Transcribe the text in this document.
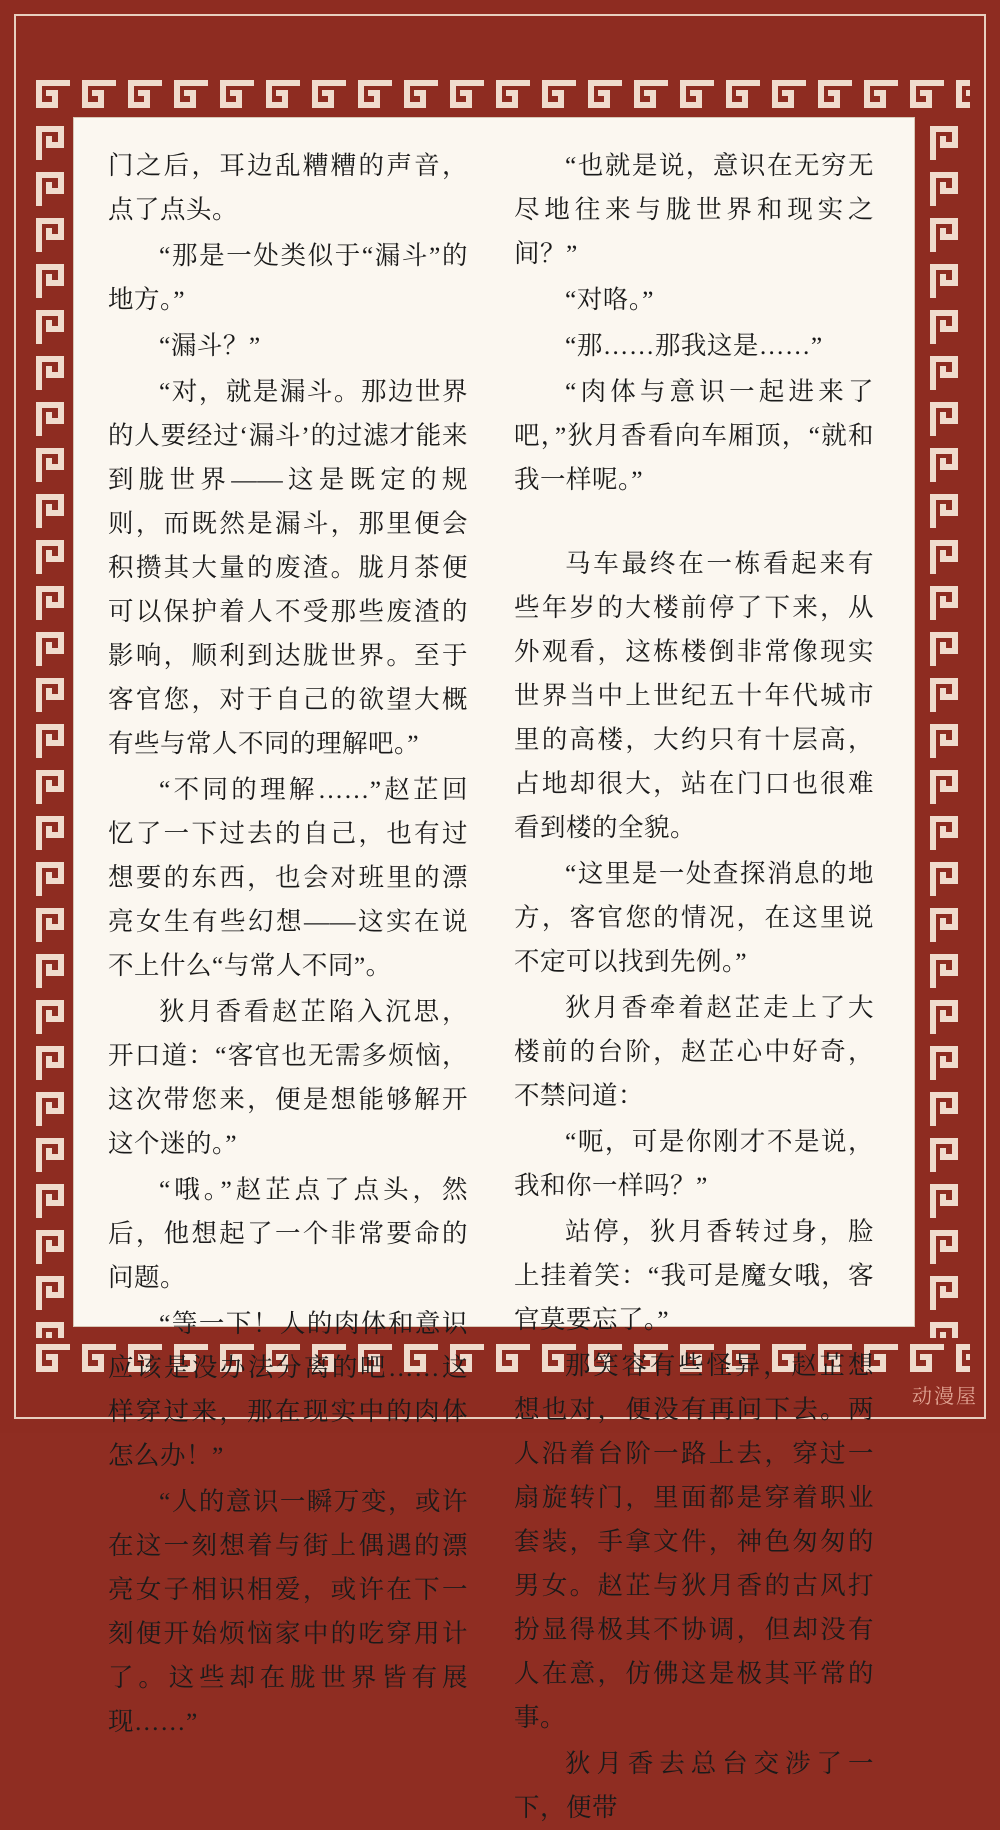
门之后，耳边乱糟糟的声音，点了点头。

“那是一处类似于“漏斗”的地方。”

“漏斗？”

“对，就是漏斗。那边世界的人要经过‘漏斗’的过滤才能来到胧世界——这是既定的规则，而既然是漏斗，那里便会积攒其大量的废渣。胧月茶便可以保护着人不受那些废渣的影响，顺利到达胧世界。至于客官您，对于自己的欲望大概有些与常人不同的理解吧。”

“不同的理解……”赵芷回忆了一下过去的自己，也有过想要的东西，也会对班里的漂亮女生有些幻想——这实在说不上什么“与常人不同”。

狄月香看赵芷陷入沉思，开口道：“客官也无需多烦恼，这次带您来，便是想能够解开这个迷的。”

“哦。”赵芷点了点头，然后，他想起了一个非常要命的问题。

“等一下！人的肉体和意识应该是没办法分离的吧……这样穿过来，那在现实中的肉体怎么办！”

“人的意识一瞬万变，或许在这一刻想着与街上偶遇的漂亮女子相识相爱，或许在下一刻便开始烦恼家中的吃穿用计了。这些却在胧世界皆有展现……”

“也就是说，意识在无穷无尽地往来与胧世界和现实之间？”

“对咯。”

“那……那我这是……”

“肉体与意识一起进来了吧，”狄月香看向车厢顶，“就和我一样呢。”

马车最终在一栋看起来有些年岁的大楼前停了下来，从外观看，这栋楼倒非常像现实世界当中上世纪五十年代城市里的高楼，大约只有十层高，占地却很大，站在门口也很难看到楼的全貌。

“这里是一处查探消息的地方，客官您的情况，在这里说不定可以找到先例。”

狄月香牵着赵芷走上了大楼前的台阶，赵芷心中好奇，不禁问道：

“呃，可是你刚才不是说，我和你一样吗？”

站停，狄月香转过身，脸上挂着笑：“我可是魔女哦，客官莫要忘了。”

那笑容有些怪异，赵芷想想也对，便没有再问下去。两人沿着台阶一路上去，穿过一扇旋转门，里面都是穿着职业套装，手拿文件，神色匆匆的男女。赵芷与狄月香的古风打扮显得极其不协调，但却没有人在意，仿佛这是极其平常的事。

狄月香去总台交涉了一下，便带

动漫屋
